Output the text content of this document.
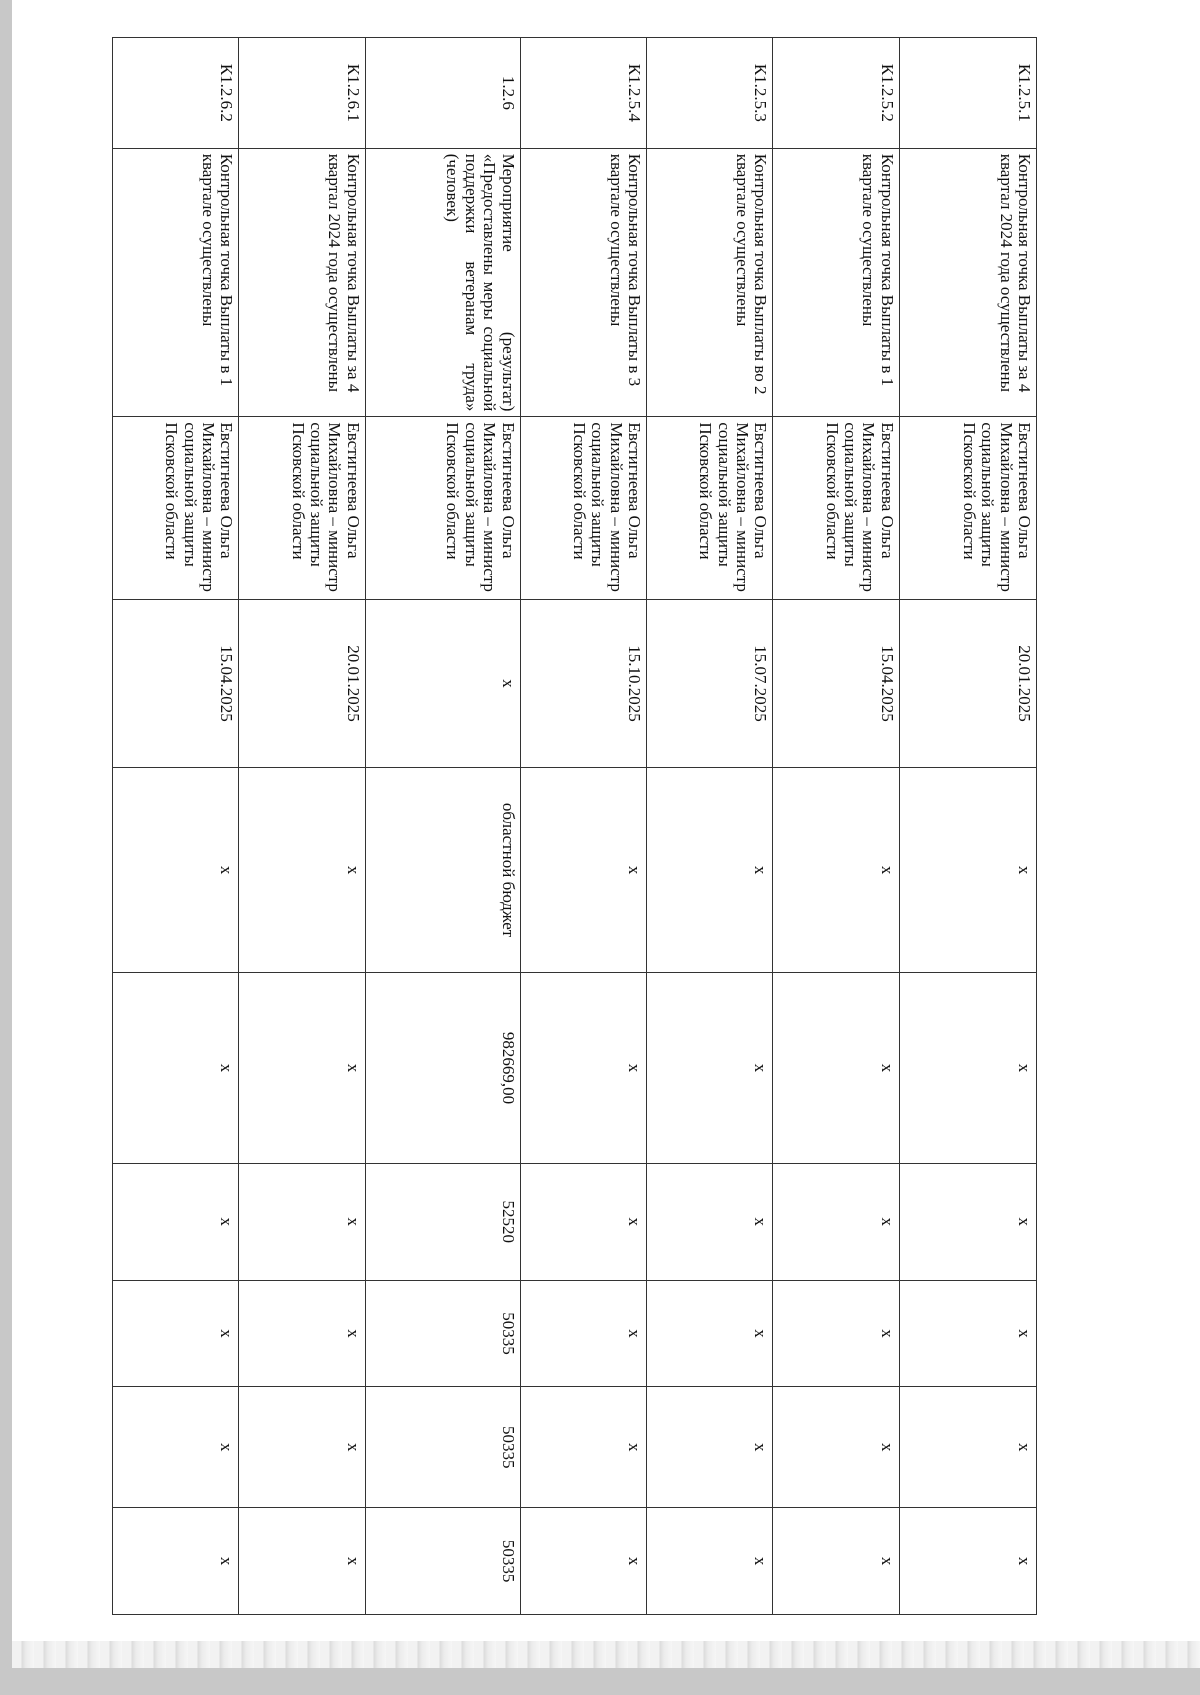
К1.2.5.1	Контрольная точка Выплаты за 4 квартал 2024 года осуществлены	Евстигнеева Ольга Михайловна – министр социальной защиты Псковской области	20.01.2025	x	x	x	x	x	x
К1.2.5.2	Контрольная точка Выплаты в 1 квартале осуществлены	Евстигнеева Ольга Михайловна – министр социальной защиты Псковской области	15.04.2025	x	x	x	x	x	x
К1.2.5.3	Контрольная точка Выплаты во 2 квартале осуществлены	Евстигнеева Ольга Михайловна – министр социальной защиты Псковской области	15.07.2025	x	x	x	x	x	x
К1.2.5.4	Контрольная точка Выплаты в 3 квартале осуществлены	Евстигнеева Ольга Михайловна – министр социальной защиты Псковской области	15.10.2025	x	x	x	x	x	x
1.2.6	Мероприятие (результат) «Предоставлены меры социальной поддержки ветеранам труда» (человек)	Евстигнеева Ольга Михайловна – министр социальной защиты Псковской области	x	областной бюджет	982669,00	52520	50335	50335	50335
К1.2.6.1	Контрольная точка Выплаты за 4 квартал 2024 года осуществлены	Евстигнеева Ольга Михайловна – министр социальной защиты Псковской области	20.01.2025	x	x	x	x	x	x
К1.2.6.2	Контрольная точка Выплаты в 1 квартале осуществлены	Евстигнеева Ольга Михайловна – министр социальной защиты Псковской области	15.04.2025	x	x	x	x	x	x
